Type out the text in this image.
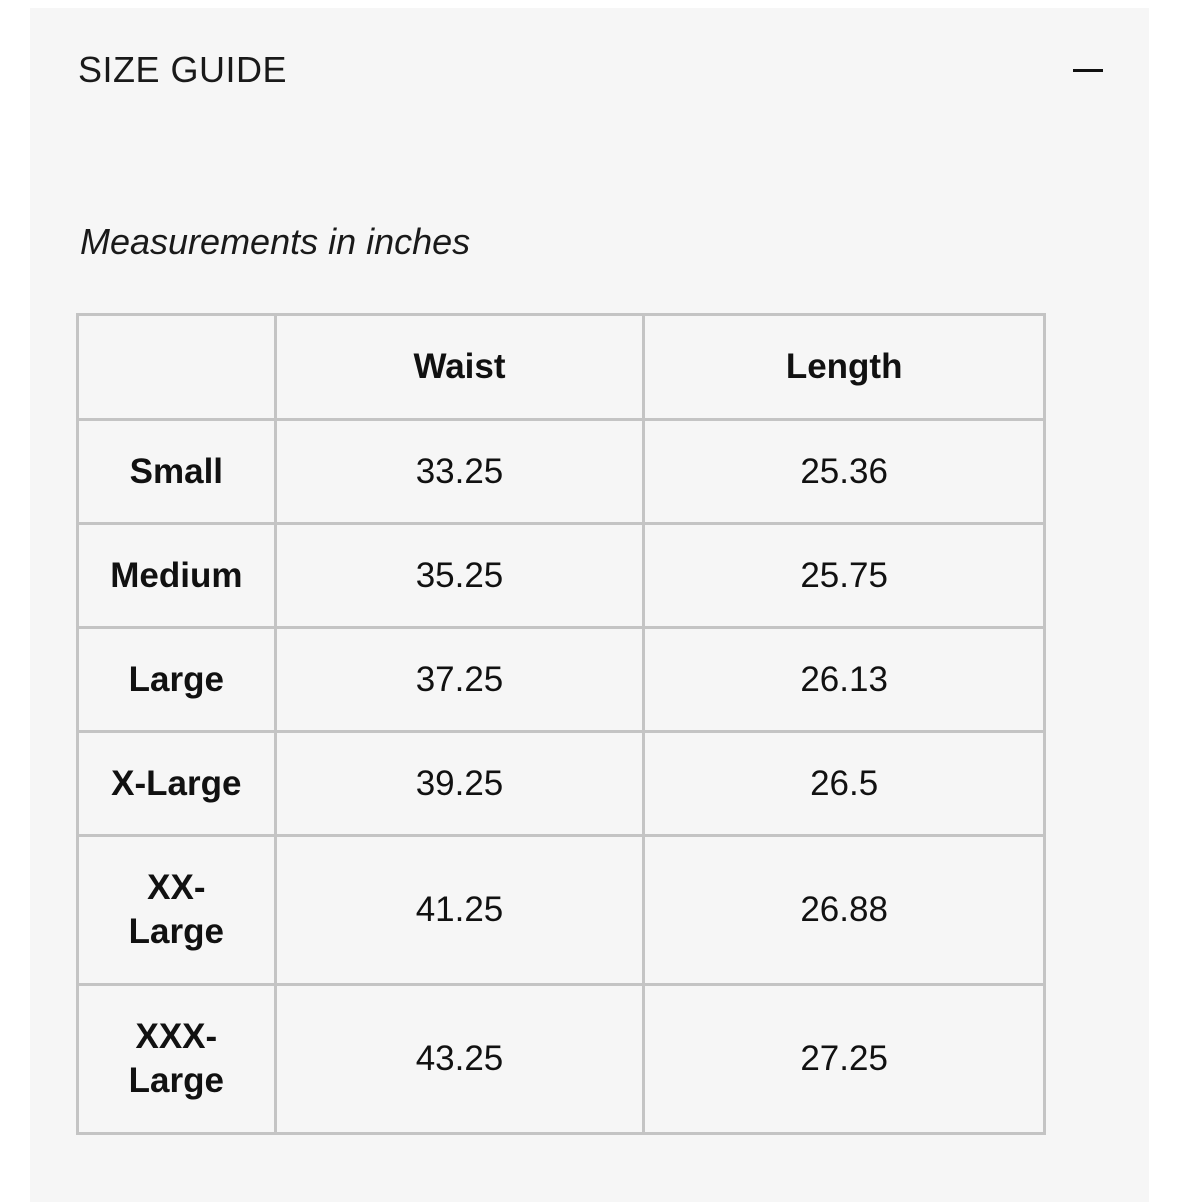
SIZE GUIDE
Measurements in inches
	Waist	Length
Small	33.25	25.36
Medium	35.25	25.75
Large	37.25	26.13
X-Large	39.25	26.5
XX-
Large	41.25	26.88
XXX-
Large	43.25	27.25
